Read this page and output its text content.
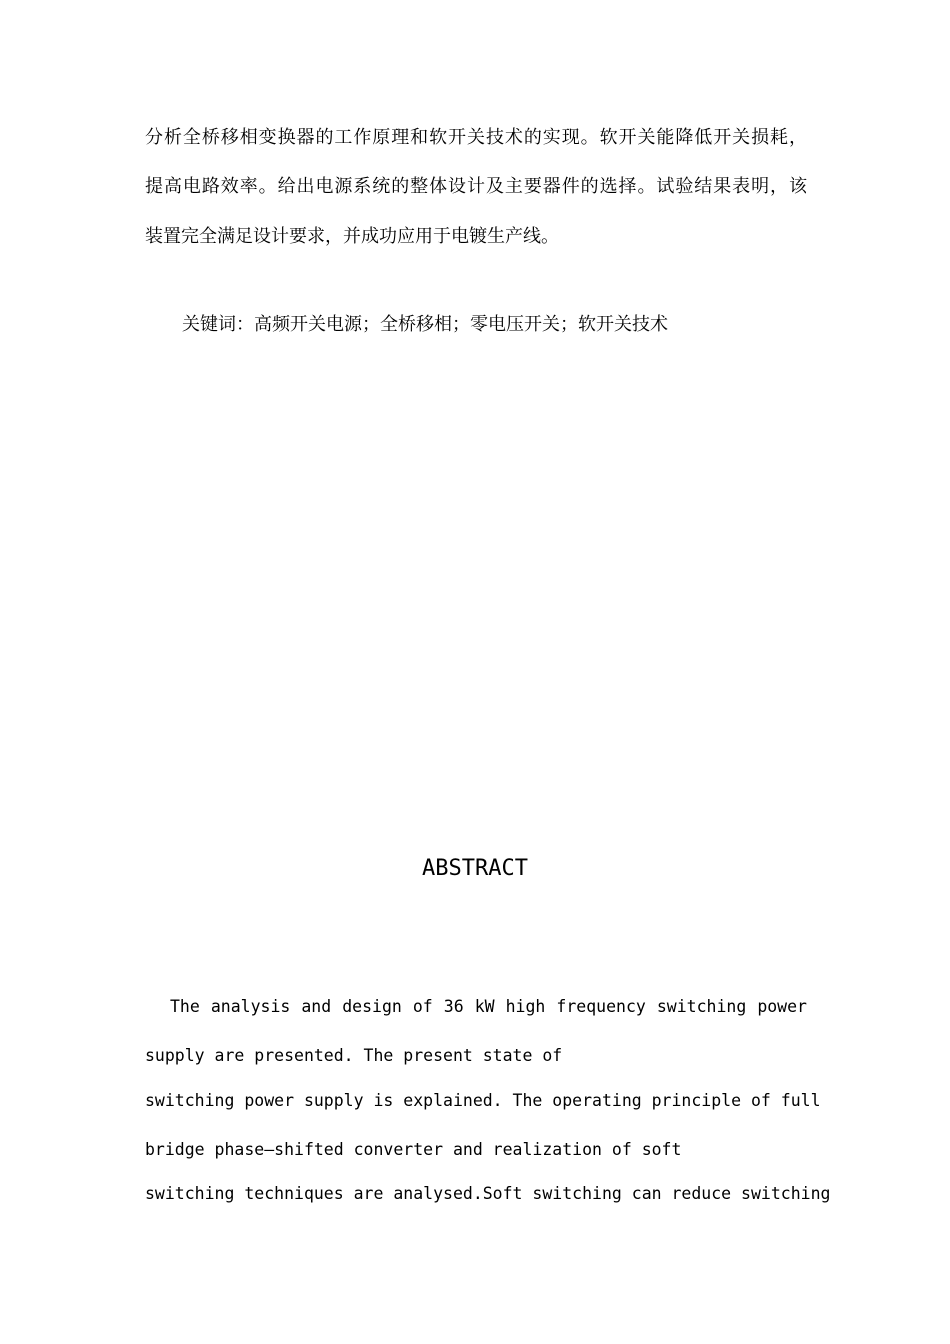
分析全桥移相变换器的工作原理和软开关技术的实现。软开关能降低开关损耗，
提高电路效率。给出电源系统的整体设计及主要器件的选择。试验结果表明，该
装置完全满足设计要求，并成功应用于电镀生产线。
关键词：高频开关电源；全桥移相；零电压开关；软开关技术
ABSTRACT
The analysis and design of 36 kW high frequency switching power
supply are presented. The present state of
switching power supply is explained. The operating principle of full
bridge phase—shifted converter and realization of soft
switching techniques are analysed.Soft switching can reduce switching
